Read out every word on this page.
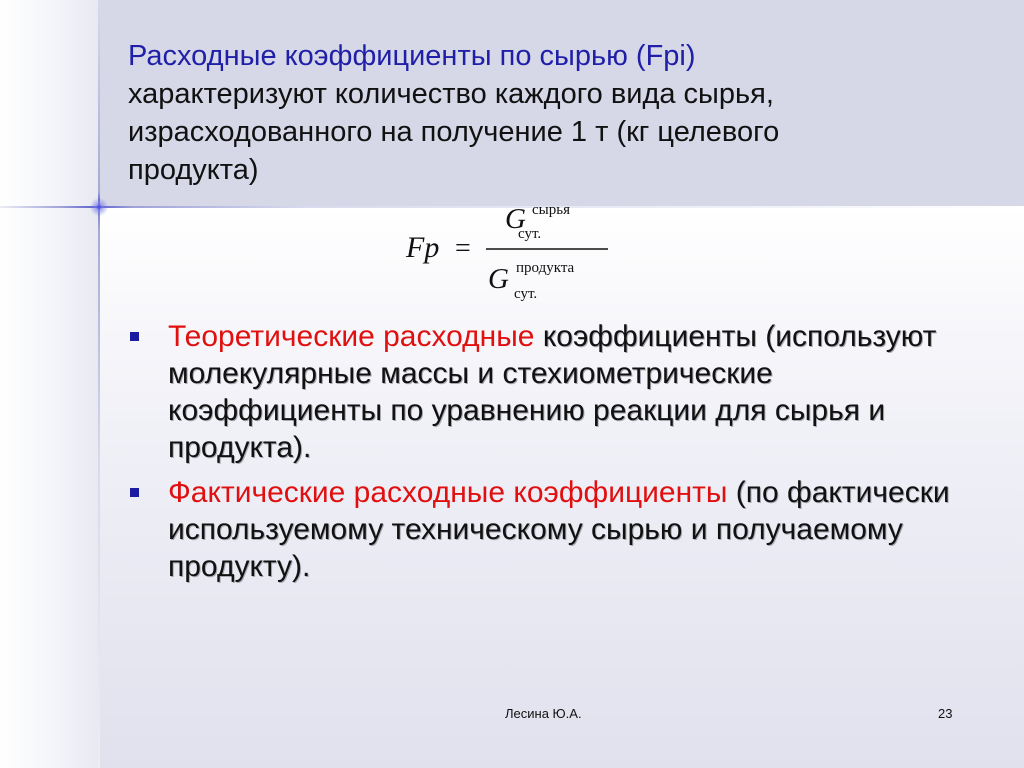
Расходные коэффициенты по сырью (Fpi)
характеризуют количество каждого вида сырья,
израсходованного на получение 1 т (кг целевого
продукта)
Fp =
G сырья
сут.
G продукта
сут.
Теоретические расходные коэффициенты (используют молекулярные массы и стехиометрические коэффициенты по уравнению реакции для сырья и продукта).
Фактические расходные коэффициенты (по фактически используемому техническому сырью и получаемому продукту).
Лесина Ю.А.	23
